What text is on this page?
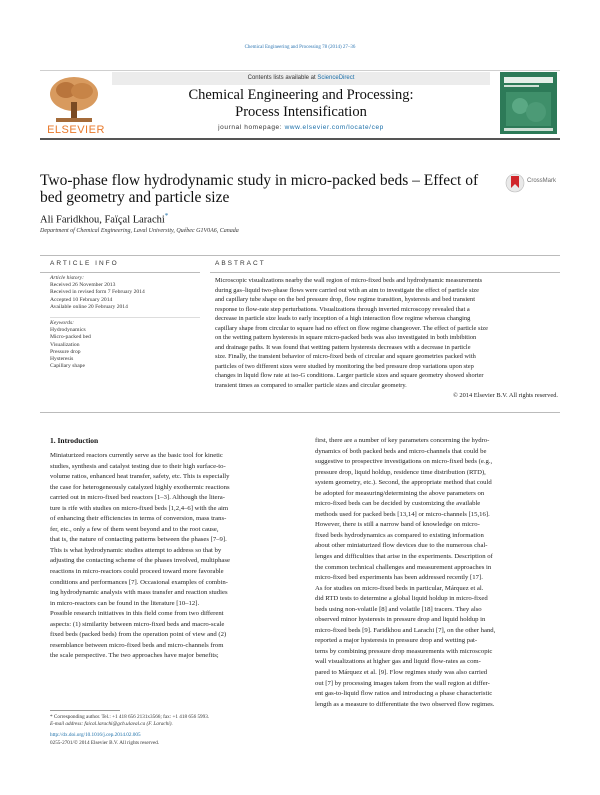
Chemical Engineering and Processing 78 (2014) 27–36
ELSEVIER
Contents lists available at ScienceDirect
Chemical Engineering and Processing:
Process Intensification
journal homepage: www.elsevier.com/locate/cep
Two-phase flow hydrodynamic study in micro-packed beds – Effect of
bed geometry and particle size
CrossMark
Ali Faridkhou, Faïçal Larachi*
Department of Chemical Engineering, Laval University, Québec G1V0A6, Canada
ARTICLE INFO
Article history:
Received 26 November 2013
Received in revised form 7 February 2014
Accepted 10 February 2014
Available online 20 February 2014
Keywords:
Hydrodynamics
Micro-packed bed
Visualization
Pressure drop
Hysteresis
Capillary shape
ABSTRACT
Microscopic visualizations nearby the wall region of micro-fixed beds and hydrodynamic measurements
during gas–liquid two-phase flows were carried out with an aim to investigate the effect of particle size
and capillary tube shape on the bed pressure drop, flow regime transition, hysteresis and bed transient
response to flow-rate step perturbations. Visualizations through inverted microscopy revealed that a
decrease in particle size leads to early inception of a high interaction flow regime whereas changing
capillary shape from circular to square had no effect on flow regime changeover. The effect of particle size
on the wetting pattern hysteresis in square micro-packed beds was also investigated in both imbibition
and drainage paths. It was found that wetting pattern hysteresis decreases with a decrease in particle
size. Finally, the transient behavior of micro-fixed beds of circular and square geometries packed with
particles of two different sizes were studied by monitoring the bed pressure drop variations upon step
changes in liquid flow rate at iso-G conditions. Larger particle sizes and square geometry showed shorter
transient times as compared to smaller particle sizes and circular geometry.
© 2014 Elsevier B.V. All rights reserved.
1. Introduction
Miniaturized reactors currently serve as the basic tool for kinetic
studies, synthesis and catalyst testing due to their high surface-to-
volume ratios, enhanced heat transfer, safety, etc. This is especially
the case for heterogeneously catalyzed highly exothermic reactions
carried out in micro-fixed bed reactors [1–3]. Although the litera-
ture is rife with studies on micro-fixed beds [1,2,4–6] with the aim
of enhancing their efficiencies in terms of conversion, mass trans-
fer, etc., only a few of them went beyond and to the root cause,
that is, the nature of contacting patterns between the phases [7–9].
This is what hydrodynamic studies attempt to address so that by
adjusting the contacting scheme of the phases involved, multiphase
reactions in micro-reactors could proceed toward more favorable
conditions and performances [7]. Occasional examples of combin-
ing hydrodynamic analysis with mass transfer and reaction studies
in micro-reactors can be found in the literature [10–12].
Possible research initiatives in this field come from two different
aspects: (1) similarity between micro-fixed beds and macro-scale
fixed beds (packed beds) from the operation point of view and (2)
resemblance between micro-fixed beds and micro-channels from
the scale perspective. The two approaches have major benefits;
* Corresponding author. Tel.: +1 418 656 2131x3566; fax: +1 418 656 5993.
E-mail address: faical.larachi@gch.ulaval.ca (F. Larachi).
http://dx.doi.org/10.1016/j.cep.2014.02.005
0255-2701/© 2014 Elsevier B.V. All rights reserved.
first, there are a number of key parameters concerning the hydro-
dynamics of both packed beds and micro-channels that could be
suggestive to prospective investigations on micro-fixed beds (e.g.,
pressure drop, liquid holdup, residence time distribution (RTD),
system geometry, etc.). Second, the appropriate method that could
be adopted for measuring/determining the above parameters on
micro-fixed beds can be decided by customizing the available
methods used for packed beds [13,14] or micro-channels [15,16].
However, there is still a narrow band of knowledge on micro-
fixed beds hydrodynamics as compared to existing information
about other miniaturized flow devices due to the numerous chal-
lenges and difficulties that arise in the experiments. Description of
the common technical challenges and measurement approaches in
micro-fixed bed experiments has been addressed recently [17].
As for studies on micro-fixed beds in particular, Márquez et al.
did RTD tests to determine a global liquid holdup in micro-fixed
beds using non-volatile [8] and volatile [18] tracers. They also
observed minor hysteresis in pressure drop and liquid holdup in
micro-fixed beds [9]. Faridkhou and Larachi [7], on the other hand,
reported a major hysteresis in pressure drop and wetting pat-
terns by combining pressure drop measurements with microscopic
wall visualizations at higher gas and liquid flow-rates as com-
pared to Márquez et al. [9]. Flow regimes study was also carried
out [7] by processing images taken from the wall region at differ-
ent gas-to-liquid flow ratios and introducing a phase characteristic
length as a measure to differentiate the two observed flow regimes.
